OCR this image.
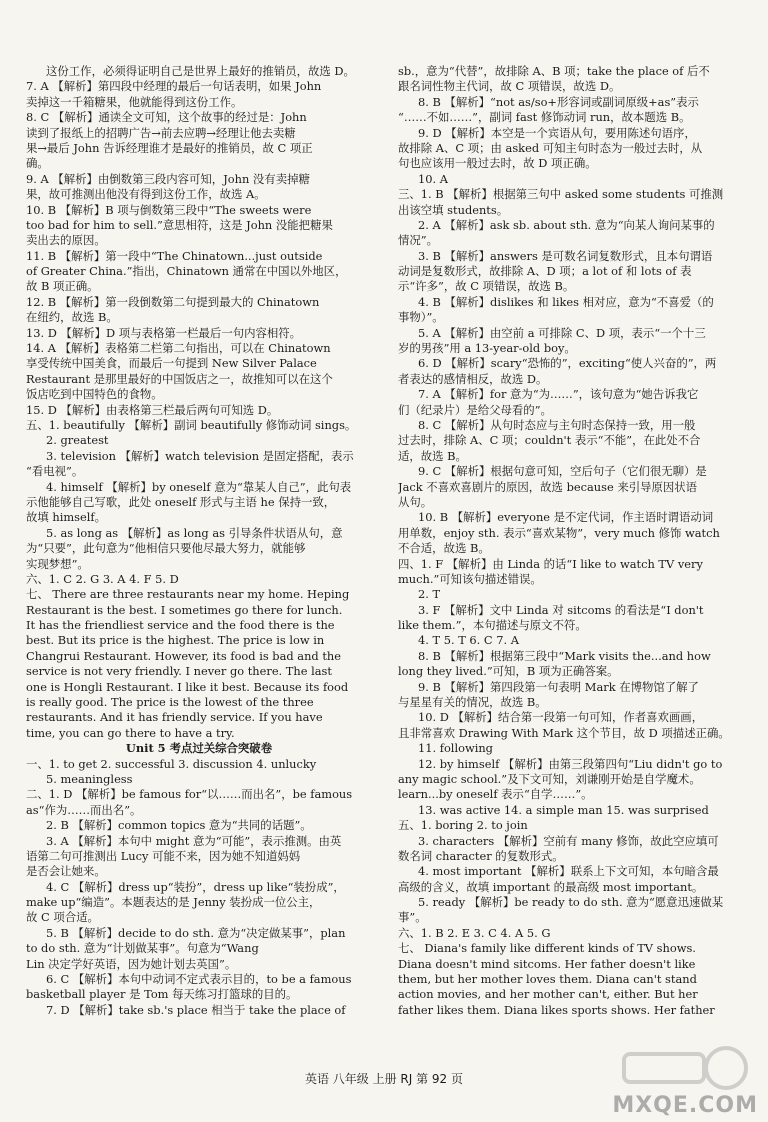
这份工作，必须得证明自己是世界上最好的推销员，故选 D。
7. A 【解析】第四段中经理的最后一句话表明，如果 John
卖掉这一千箱糖果，他就能得到这份工作。
8. C 【解析】通读全文可知，这个故事的经过是：John
读到了报纸上的招聘广告→前去应聘→经理让他去卖糖
果→最后 John 告诉经理谁才是最好的推销员，故 C 项正
确。
9. A 【解析】由倒数第三段内容可知，John 没有卖掉糖
果，故可推测出他没有得到这份工作，故选 A。
10. B 【解析】B 项与倒数第三段中“The sweets were
too bad for him to sell.”意思相符，这是 John 没能把糖果
卖出去的原因。
11. B 【解析】第一段中“The Chinatown...just outside
of Greater China.”指出，Chinatown 通常在中国以外地区，
故 B 项正确。
12. B 【解析】第一段倒数第二句提到最大的 Chinatown
在纽约，故选 B。
13. D 【解析】D 项与表格第一栏最后一句内容相符。
14. A 【解析】表格第二栏第二句指出，可以在 Chinatown
享受传统中国美食，而最后一句提到 New Silver Palace
Restaurant 是那里最好的中国饭店之一，故推知可以在这个
饭店吃到中国特色的食物。
15. D 【解析】由表格第三栏最后两句可知选 D。
五、1. beautifully 【解析】副词 beautifully 修饰动词 sings。
2. greatest
3. television 【解析】watch television 是固定搭配，表示
“看电视”。
4. himself 【解析】by oneself 意为“靠某人自己”，此句表
示他能够自己写歌，此处 oneself 形式与主语 he 保持一致，
故填 himself。
5. as long as 【解析】as long as 引导条件状语从句，意
为“只要”，此句意为“他相信只要他尽最大努力，就能够
实现梦想”。
六、1. C 2. G 3. A 4. F 5. D
七、 There are three restaurants near my home. Heping
Restaurant is the best. I sometimes go there for lunch.
It has the friendliest service and the food there is the
best. But its price is the highest. The price is low in
Changrui Restaurant. However, its food is bad and the
service is not very friendly. I never go there. The last
one is Hongli Restaurant. I like it best. Because its food
is really good. The price is the lowest of the three
restaurants. And it has friendly service. If you have
time, you can go there to have a try.
Unit 5 考点过关综合突破卷
一、1. to get 2. successful 3. discussion 4. unlucky
5. meaningless
二、1. D 【解析】be famous for“以……而出名”，be famous
as“作为……而出名”。
2. B 【解析】common topics 意为“共同的话题”。
3. A 【解析】本句中 might 意为“可能”，表示推测。由英
语第二句可推测出 Lucy 可能不来，因为她不知道妈妈
是否会让她来。
4. C 【解析】dress up“装扮”，dress up like“装扮成”，
make up“编造”。本题表达的是 Jenny 装扮成一位公主，
故 C 项合适。
5. B 【解析】decide to do sth. 意为“决定做某事”，plan
to do sth. 意为“计划做某事”。句意为“Wang
Lin 决定学好英语，因为她计划去英国”。
6. C 【解析】本句中动词不定式表示目的，to be a famous
basketball player 是 Tom 每天练习打篮球的目的。
7. D 【解析】take sb.'s place 相当于 take the place of
sb.，意为“代替”，故排除 A、B 项；take the place of 后不
跟名词性物主代词，故 C 项错误，故选 D。
8. B 【解析】“not as/so+形容词或副词原级+as”表示
“……不如……”，副词 fast 修饰动词 run，故本题选 B。
9. D 【解析】本空是一个宾语从句，要用陈述句语序，
故排除 A、C 项；由 asked 可知主句时态为一般过去时，从
句也应该用一般过去时，故 D 项正确。
10. A
三、1. B 【解析】根据第三句中 asked some students 可推测
出该空填 students。
2. A 【解析】ask sb. about sth. 意为“向某人询问某事的
情况”。
3. B 【解析】answers 是可数名词复数形式，且本句谓语
动词是复数形式，故排除 A、D 项；a lot of 和 lots of 表
示“许多”，故 C 项错误，故选 B。
4. B 【解析】dislikes 和 likes 相对应，意为“不喜爱（的
事物）”。
5. A 【解析】由空前 a 可排除 C、D 项，表示“一个十三
岁的男孩”用 a 13-year-old boy。
6. D 【解析】scary“恐怖的”，exciting“使人兴奋的”，两
者表达的感情相反，故选 D。
7. A 【解析】for 意为“为……”，该句意为“她告诉我它
们（纪录片）是给父母看的”。
8. C 【解析】从句时态应与主句时态保持一致，用一般
过去时，排除 A、C 项；couldn't 表示“不能”，在此处不合
适，故选 B。
9. C 【解析】根据句意可知，空后句子（它们很无聊）是
Jack 不喜欢喜剧片的原因，故选 because 来引导原因状语
从句。
10. B 【解析】everyone 是不定代词，作主语时谓语动词
用单数，enjoy sth. 表示“喜欢某物”，very much 修饰 watch
不合适，故选 B。
四、1. F 【解析】由 Linda 的话“I like to watch TV very
much.”可知该句描述错误。
2. T
3. F 【解析】文中 Linda 对 sitcoms 的看法是“I don't
like them.”，本句描述与原文不符。
4. T 5. T 6. C 7. A
8. B 【解析】根据第三段中“Mark visits the...and how
long they lived.”可知，B 项为正确答案。
9. B 【解析】第四段第一句表明 Mark 在博物馆了解了
与星星有关的情况，故选 B。
10. D 【解析】结合第一段第一句可知，作者喜欢画画，
且非常喜欢 Drawing With Mark 这个节目，故 D 项描述正确。
11. following
12. by himself 【解析】由第三段第四句“Liu didn't go to
any magic school.”及下文可知，刘谦刚开始是自学魔术。
learn...by oneself 表示“自学……”。
13. was active 14. a simple man 15. was surprised
五、1. boring 2. to join
3. characters 【解析】空前有 many 修饰，故此空应填可
数名词 character 的复数形式。
4. most important 【解析】联系上下文可知，本句暗含最
高级的含义，故填 important 的最高级 most important。
5. ready 【解析】be ready to do sth. 意为“愿意迅速做某
事”。
六、1. B 2. E 3. C 4. A 5. G
七、 Diana's family like different kinds of TV shows.
Diana doesn't mind sitcoms. Her father doesn't like
them, but her mother loves them. Diana can't stand
action movies, and her mother can't, either. But her
father likes them. Diana likes sports shows. Her father
英语 八年级 上册 RJ 第 92 页
MXQE.COM
